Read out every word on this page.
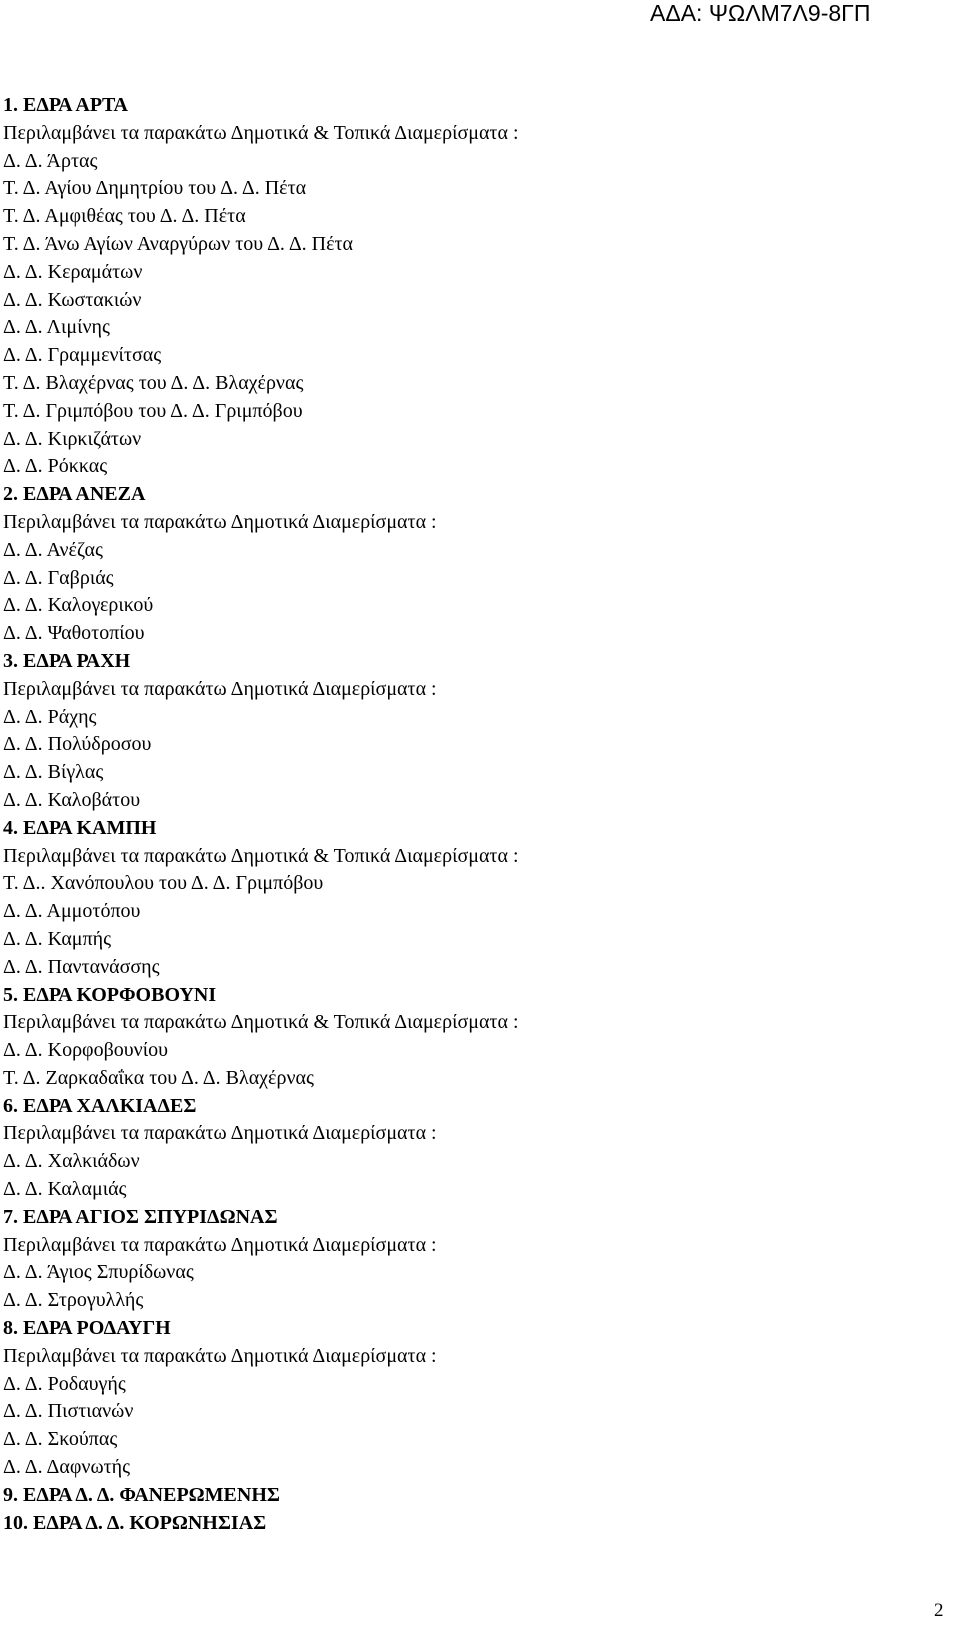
ΑΔΑ: ΨΩΛΜ7Λ9-8ΓΠ
1. ΕΔΡΑ ΑΡΤΑ
Περιλαμβάνει τα παρακάτω Δημοτικά & Τοπικά Διαμερίσματα :
Δ. Δ. Άρτας
Τ. Δ. Αγίου Δημητρίου του Δ. Δ. Πέτα
Τ. Δ. Αμφιθέας του Δ. Δ. Πέτα
Τ. Δ. Άνω Αγίων Αναργύρων του Δ. Δ. Πέτα
Δ. Δ. Κεραμάτων
Δ. Δ. Κωστακιών
Δ. Δ. Λιμίνης
Δ. Δ. Γραμμενίτσας
Τ. Δ. Βλαχέρνας του Δ. Δ. Βλαχέρνας
Τ. Δ. Γριμπόβου του Δ. Δ. Γριμπόβου
Δ. Δ. Κιρκιζάτων
Δ. Δ. Ρόκκας
2. ΕΔΡΑ ΑΝΕΖΑ
Περιλαμβάνει τα παρακάτω Δημοτικά Διαμερίσματα :
Δ. Δ. Ανέζας
Δ. Δ. Γαβριάς
Δ. Δ. Καλογερικού
Δ. Δ. Ψαθοτοπίου
3. ΕΔΡΑ ΡΑΧΗ
Περιλαμβάνει τα παρακάτω Δημοτικά Διαμερίσματα :
Δ. Δ. Ράχης
Δ. Δ. Πολύδροσου
Δ. Δ. Βίγλας
Δ. Δ. Καλοβάτου
4. ΕΔΡΑ ΚΑΜΠΗ
Περιλαμβάνει τα παρακάτω Δημοτικά & Τοπικά Διαμερίσματα :
Τ. Δ.. Χανόπουλου του Δ. Δ. Γριμπόβου
Δ. Δ. Αμμοτόπου
Δ. Δ. Καμπής
Δ. Δ. Παντανάσσης
5. ΕΔΡΑ ΚΟΡΦΟΒΟΥΝΙ
Περιλαμβάνει τα παρακάτω Δημοτικά & Τοπικά Διαμερίσματα :
Δ. Δ. Κορφοβουνίου
Τ. Δ. Ζαρκαδαΐκα του Δ. Δ. Βλαχέρνας
6. ΕΔΡΑ ΧΑΛΚΙΑΔΕΣ
Περιλαμβάνει τα παρακάτω Δημοτικά Διαμερίσματα :
Δ. Δ. Χαλκιάδων
Δ. Δ. Καλαμιάς
7. ΕΔΡΑ ΑΓΙΟΣ ΣΠΥΡΙΔΩΝΑΣ
Περιλαμβάνει τα παρακάτω Δημοτικά Διαμερίσματα :
Δ. Δ. Άγιος Σπυρίδωνας
Δ. Δ. Στρογυλλής
8. ΕΔΡΑ ΡΟΔΑΥΓΗ
Περιλαμβάνει τα παρακάτω Δημοτικά Διαμερίσματα :
Δ. Δ. Ροδαυγής
Δ. Δ. Πιστιανών
Δ. Δ. Σκούπας
Δ. Δ. Δαφνωτής
9. ΕΔΡΑ Δ. Δ. ΦΑΝΕΡΩΜΕΝΗΣ
10. ΕΔΡΑ Δ. Δ. ΚΟΡΩΝΗΣΙΑΣ
2
